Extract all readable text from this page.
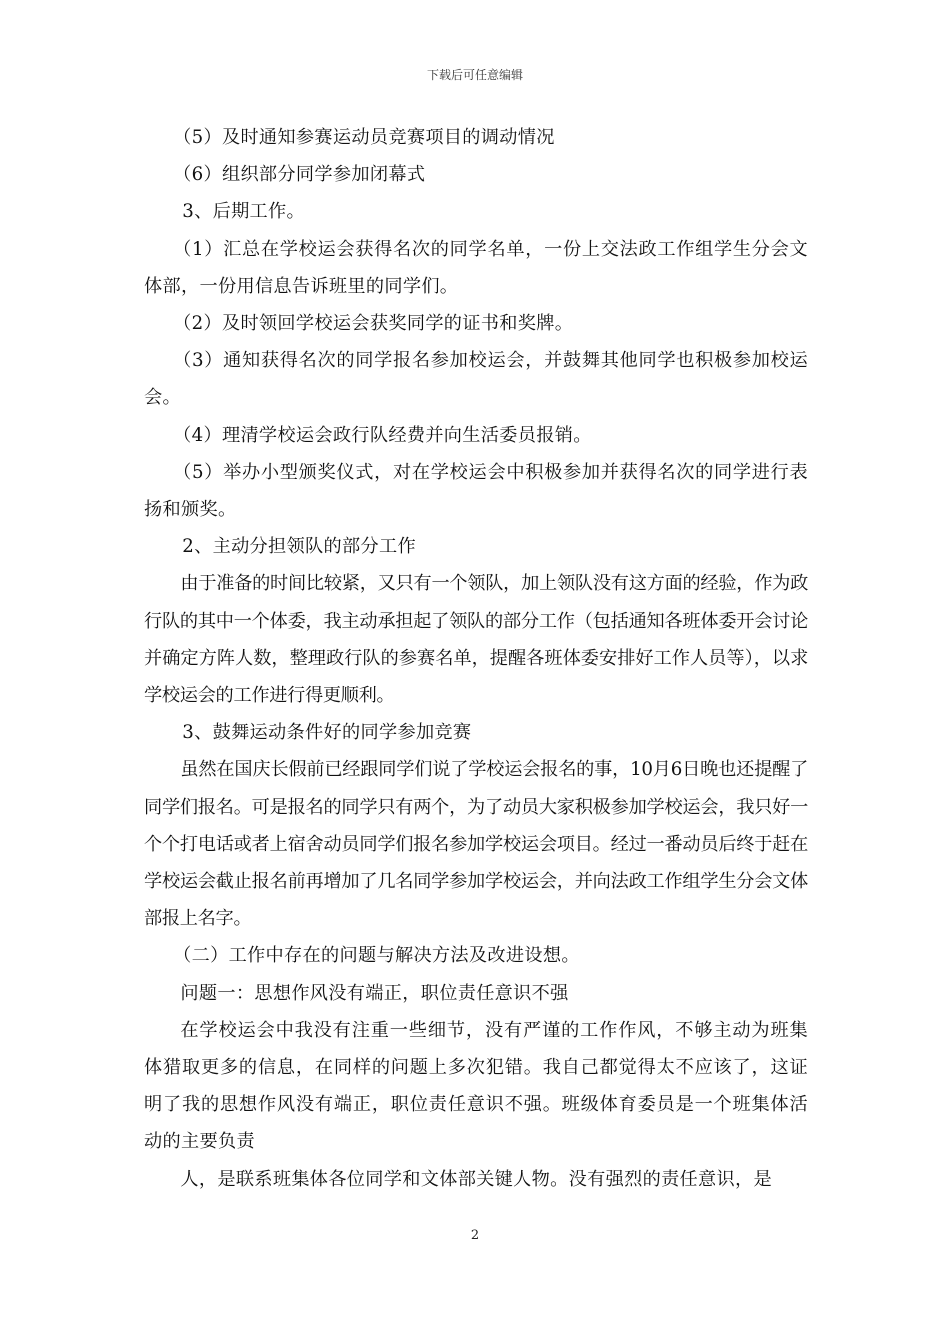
下载后可任意编辑

（5）及时通知参赛运动员竞赛项目的调动情况

（6）组织部分同学参加闭幕式

3、后期工作。

（1）汇总在学校运会获得名次的同学名单，一份上交法政工作组学生分会文体部，一份用信息告诉班里的同学们。

（2）及时领回学校运会获奖同学的证书和奖牌。

（3）通知获得名次的同学报名参加校运会，并鼓舞其他同学也积极参加校运会。

（4）理清学校运会政行队经费并向生活委员报销。

（5）举办小型颁奖仪式，对在学校运会中积极参加并获得名次的同学进行表扬和颁奖。

2、主动分担领队的部分工作

由于准备的时间比较紧，又只有一个领队，加上领队没有这方面的经验，作为政行队的其中一个体委，我主动承担起了领队的部分工作（包括通知各班体委开会讨论并确定方阵人数，整理政行队的参赛名单，提醒各班体委安排好工作人员等），以求学校运会的工作进行得更顺利。

3、鼓舞运动条件好的同学参加竞赛

虽然在国庆长假前已经跟同学们说了学校运会报名的事，10月6日晚也还提醒了同学们报名。可是报名的同学只有两个，为了动员大家积极参加学校运会，我只好一个个打电话或者上宿舍动员同学们报名参加学校运会项目。经过一番动员后终于赶在学校运会截止报名前再增加了几名同学参加学校运会，并向法政工作组学生分会文体部报上名字。

（二）工作中存在的问题与解决方法及改进设想。

问题一：思想作风没有端正，职位责任意识不强

在学校运会中我没有注重一些细节，没有严谨的工作作风，不够主动为班集体猎取更多的信息，在同样的问题上多次犯错。我自己都觉得太不应该了，这证明了我的思想作风没有端正，职位责任意识不强。班级体育委员是一个班集体活动的主要负责

人，是联系班集体各位同学和文体部关键人物。没有强烈的责任意识，是

2
